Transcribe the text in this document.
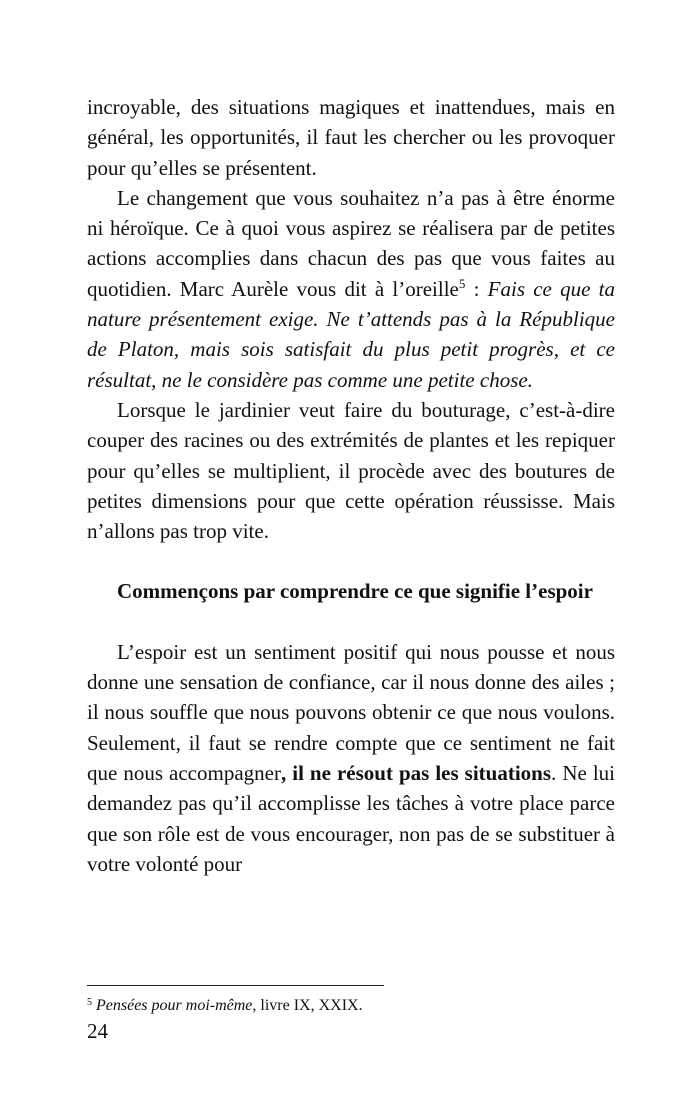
incroyable, des situations magiques et inattendues, mais en général, les opportunités, il faut les chercher ou les provoquer pour qu’elles se présentent.

Le changement que vous souhaitez n’a pas à être énorme ni héroïque. Ce à quoi vous aspirez se réalisera par de petites actions accomplies dans chacun des pas que vous faites au quotidien. Marc Aurèle vous dit à l’oreille$^5$ : Fais ce que ta nature présentement exige. Ne t’attends pas à la République de Platon, mais sois satisfait du plus petit progrès, et ce résultat, ne le considère pas comme une petite chose.

Lorsque le jardinier veut faire du bouturage, c’est-à-dire couper des racines ou des extrémités de plantes et les repiquer pour qu’elles se multiplient, il procède avec des boutures de petites dimensions pour que cette opération réussisse. Mais n’allons pas trop vite.

Commençons par comprendre ce que signifie l’espoir

L’espoir est un sentiment positif qui nous pousse et nous donne une sensation de confiance, car il nous donne des ailes ; il nous souffle que nous pouvons obtenir ce que nous voulons. Seulement, il faut se rendre compte que ce sentiment ne fait que nous accompagner, il ne résout pas les situations. Ne lui demandez pas qu’il accomplisse les tâches à votre place parce que son rôle est de vous encourager, non pas de se substituer à votre volonté pour

$^5$ Pensées pour moi-même, livre IX, XXIX.
24
